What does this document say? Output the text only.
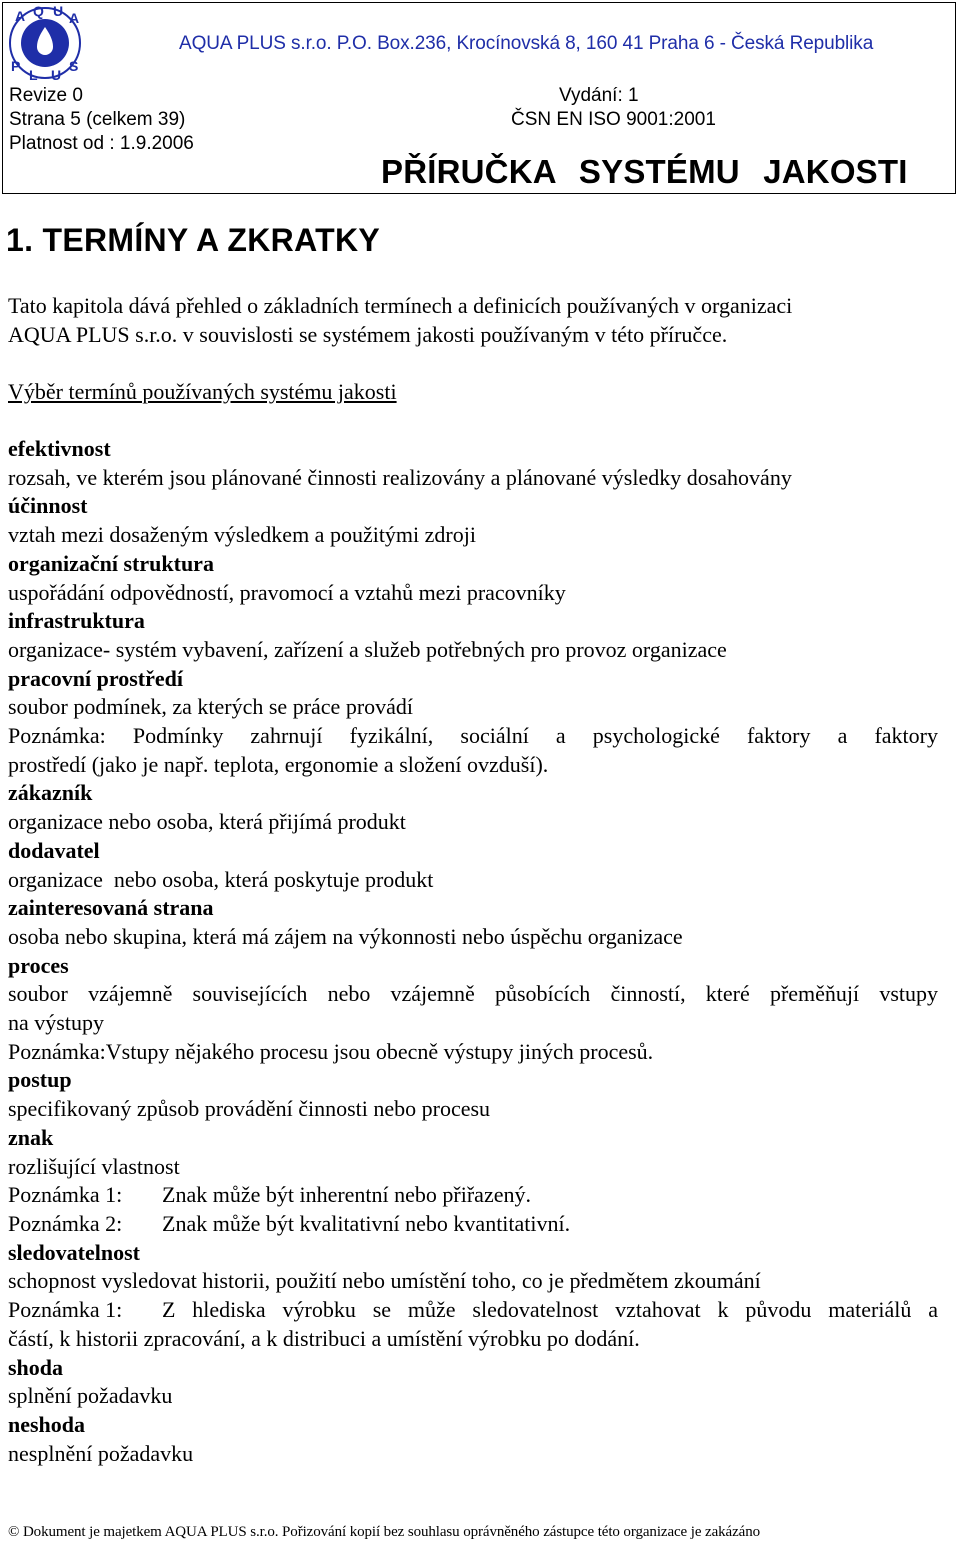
A Q U A
P
L U
S
AQUA PLUS s.r.o. P.O. Box.236, Krocínovská 8, 160 41 Praha 6 - Česká Republika
Revize 0
Strana 5 (celkem 39)
Platnost od : 1.9.2006
Vydání: 1
ČSN EN ISO 9001:2001
PŘÍRUČKA SYSTÉMU JAKOSTI
1. TERMÍNY A ZKRATKY
Tato kapitola dává přehled o základních termínech a definicích používaných v organizaci
AQUA PLUS s.r.o. v souvislosti se systémem jakosti používaným v této příručce.
Výběr termínů používaných systému jakosti
efektivnost
rozsah, ve kterém jsou plánované činnosti realizovány a plánované výsledky dosahovány
účinnost
vztah mezi dosaženým výsledkem a použitými zdroji
organizační struktura
uspořádání odpovědností, pravomocí a vztahů mezi pracovníky
infrastruktura
organizace- systém vybavení, zařízení a služeb potřebných pro provoz organizace
pracovní prostředí
soubor podmínek, za kterých se práce provádí
Poznámka: Podmínky zahrnují fyzikální, sociální a psychologické faktory a faktory
prostředí (jako je např. teplota, ergonomie a složení ovzduší).
zákazník
organizace nebo osoba, která přijímá produkt
dodavatel
organizace  nebo osoba, která poskytuje produkt
zainteresovaná strana
osoba nebo skupina, která má zájem na výkonnosti nebo úspěchu organizace
proces
soubor vzájemně souvisejících nebo vzájemně působících činností, které přeměňují vstupy
na výstupy
Poznámka:Vstupy nějakého procesu jsou obecně výstupy jiných procesů.
postup
specifikovaný způsob provádění činnosti nebo procesu
znak
rozlišující vlastnost
Poznámka 1: Znak může být inherentní nebo přiřazený.
Poznámka 2: Znak může být kvalitativní nebo kvantitativní.
sledovatelnost
schopnost vysledovat historii, použití nebo umístění toho, co je předmětem zkoumání
Poznámka 1:	Z hlediska výrobku se může sledovatelnost vztahovat k původu materiálů a
částí, k historii zpracování, a k distribuci a umístění výrobku po dodání.
shoda
splnění požadavku
neshoda
nesplnění požadavku
© Dokument je majetkem AQUA PLUS s.r.o. Pořizování kopií bez souhlasu oprávněného zástupce této organizace je zakázáno
